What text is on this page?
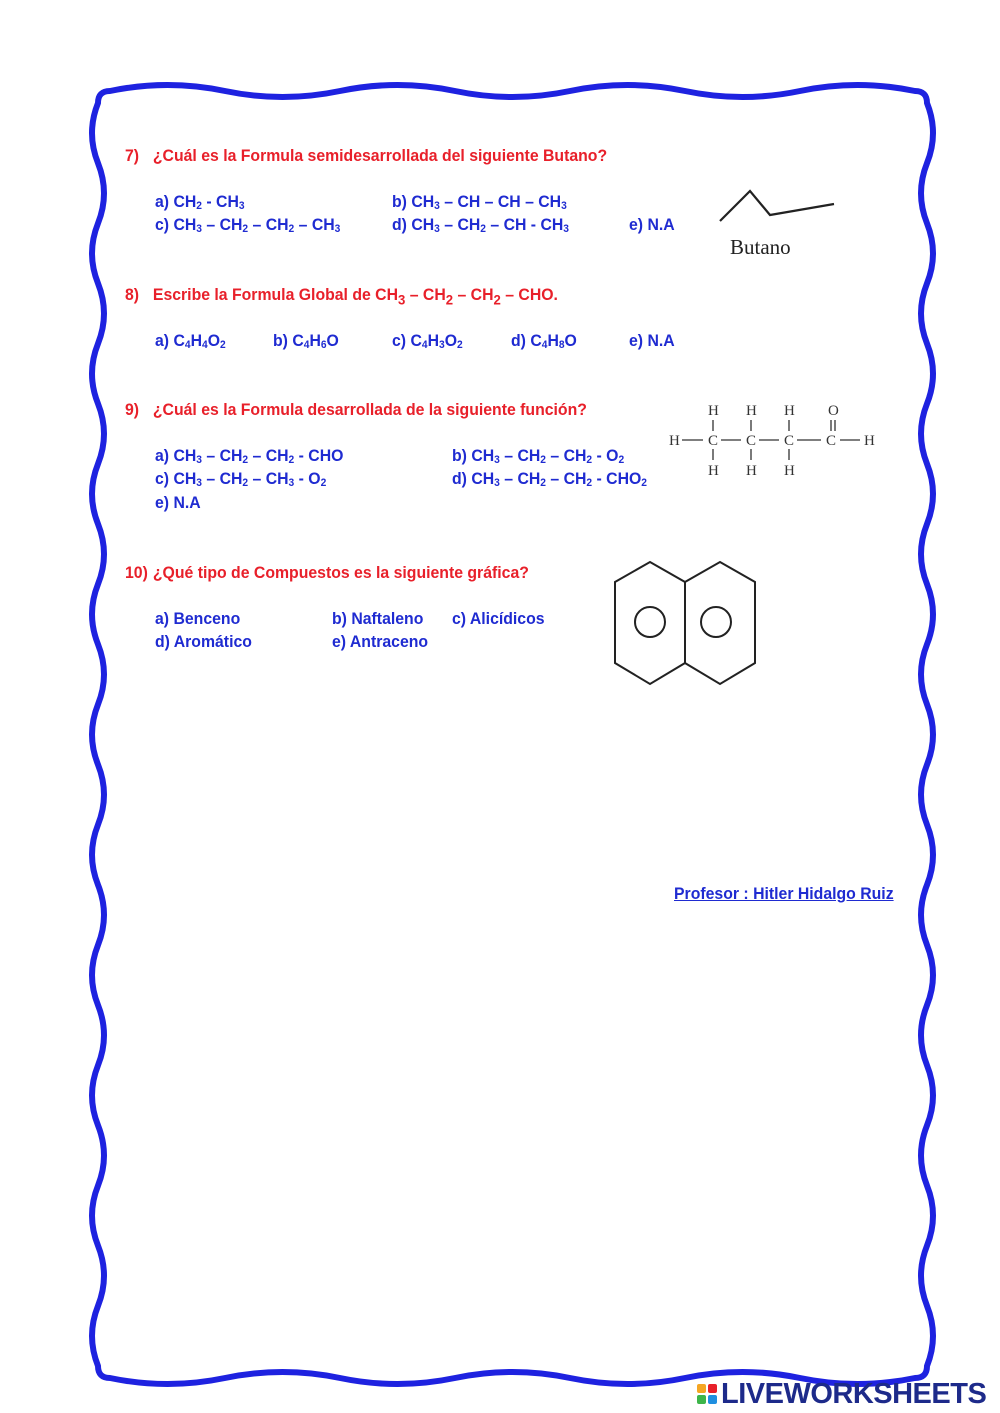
7) ¿Cuál es la Formula semidesarrollada del siguiente Butano?
a) $CH_2 - CH_3$	b) $CH_3$ – CH – CH – $CH_3$
c) $CH_3 - CH_2 - CH_2 - CH_3$	d) $CH_3 - CH_2$ – CH - $CH_3$	e) N.A
Butano
8) Escribe la Formula Global de $CH_3 - CH_2 - CH_2$ – CHO.
a) $C_4H_4O_2$	b) $C_4H_6O$	c) $C_4H_3O_2$	d) $C_4H_8O$	e) N.A
9) ¿Cuál es la Formula desarrollada de la siguiente función?
a) $CH_3 - CH_2 - CH_2$ - CHO	b) $CH_3 - CH_2 - CH_2 - O_2$
c) $CH_3 - CH_2 - CH_3 - O_2$	d) $CH_3 - CH_2 - CH_2 - CHO_2$
e) N.A
H H H O
H C C C C H
H H H
10) ¿Qué tipo de Compuestos es la siguiente gráfica?
a) Benceno	b) Naftaleno c) Alicídicos
d) Aromático	e) Antraceno
Profesor : Hitler Hidalgo Ruiz
LIVEWORKSHEETS
